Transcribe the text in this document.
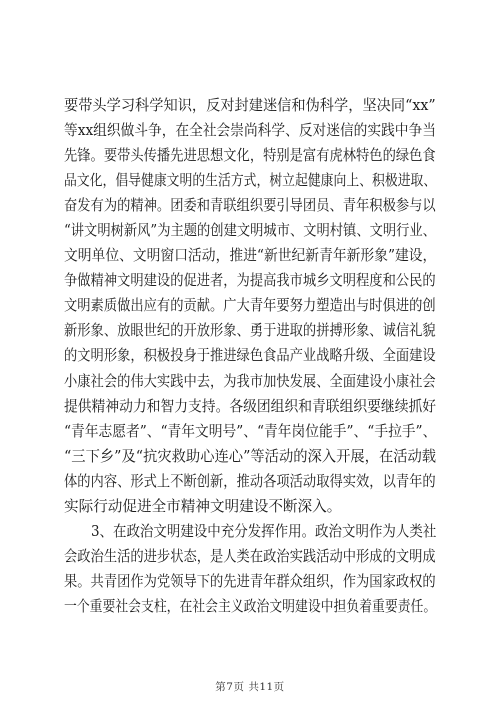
要带头学习科学知识，反对封建迷信和伪科学，坚决同“xx”
等xx组织做斗争，在全社会崇尚科学、反对迷信的实践中争当
先锋。要带头传播先进思想文化，特别是富有虎林特色的绿色食
品文化，倡导健康文明的生活方式，树立起健康向上、积极进取、
奋发有为的精神。团委和青联组织要引导团员、青年积极参与以
“讲文明树新风”为主题的创建文明城市、文明村镇、文明行业、
文明单位、文明窗口活动，推进“新世纪新青年新形象”建设，
争做精神文明建设的促进者，为提高我市城乡文明程度和公民的
文明素质做出应有的贡献。广大青年要努力塑造出与时俱进的创
新形象、放眼世纪的开放形象、勇于进取的拼搏形象、诚信礼貌
的文明形象，积极投身于推进绿色食品产业战略升级、全面建设
小康社会的伟大实践中去，为我市加快发展、全面建设小康社会
提供精神动力和智力支持。各级团组织和青联组织要继续抓好
“青年志愿者”、“青年文明号”、“青年岗位能手”、“手拉手”、
“三下乡”及“抗灾救助心连心”等活动的深入开展，在活动载
体的内容、形式上不断创新，推动各项活动取得实效，以青年的
实际行动促进全市精神文明建设不断深入。
　　3、在政治文明建设中充分发挥作用。政治文明作为人类社
会政治生活的进步状态，是人类在政治实践活动中形成的文明成
果。共青团作为党领导下的先进青年群众组织，作为国家政权的
一个重要社会支柱，在社会主义政治文明建设中担负着重要责任。
第7页 共11页
